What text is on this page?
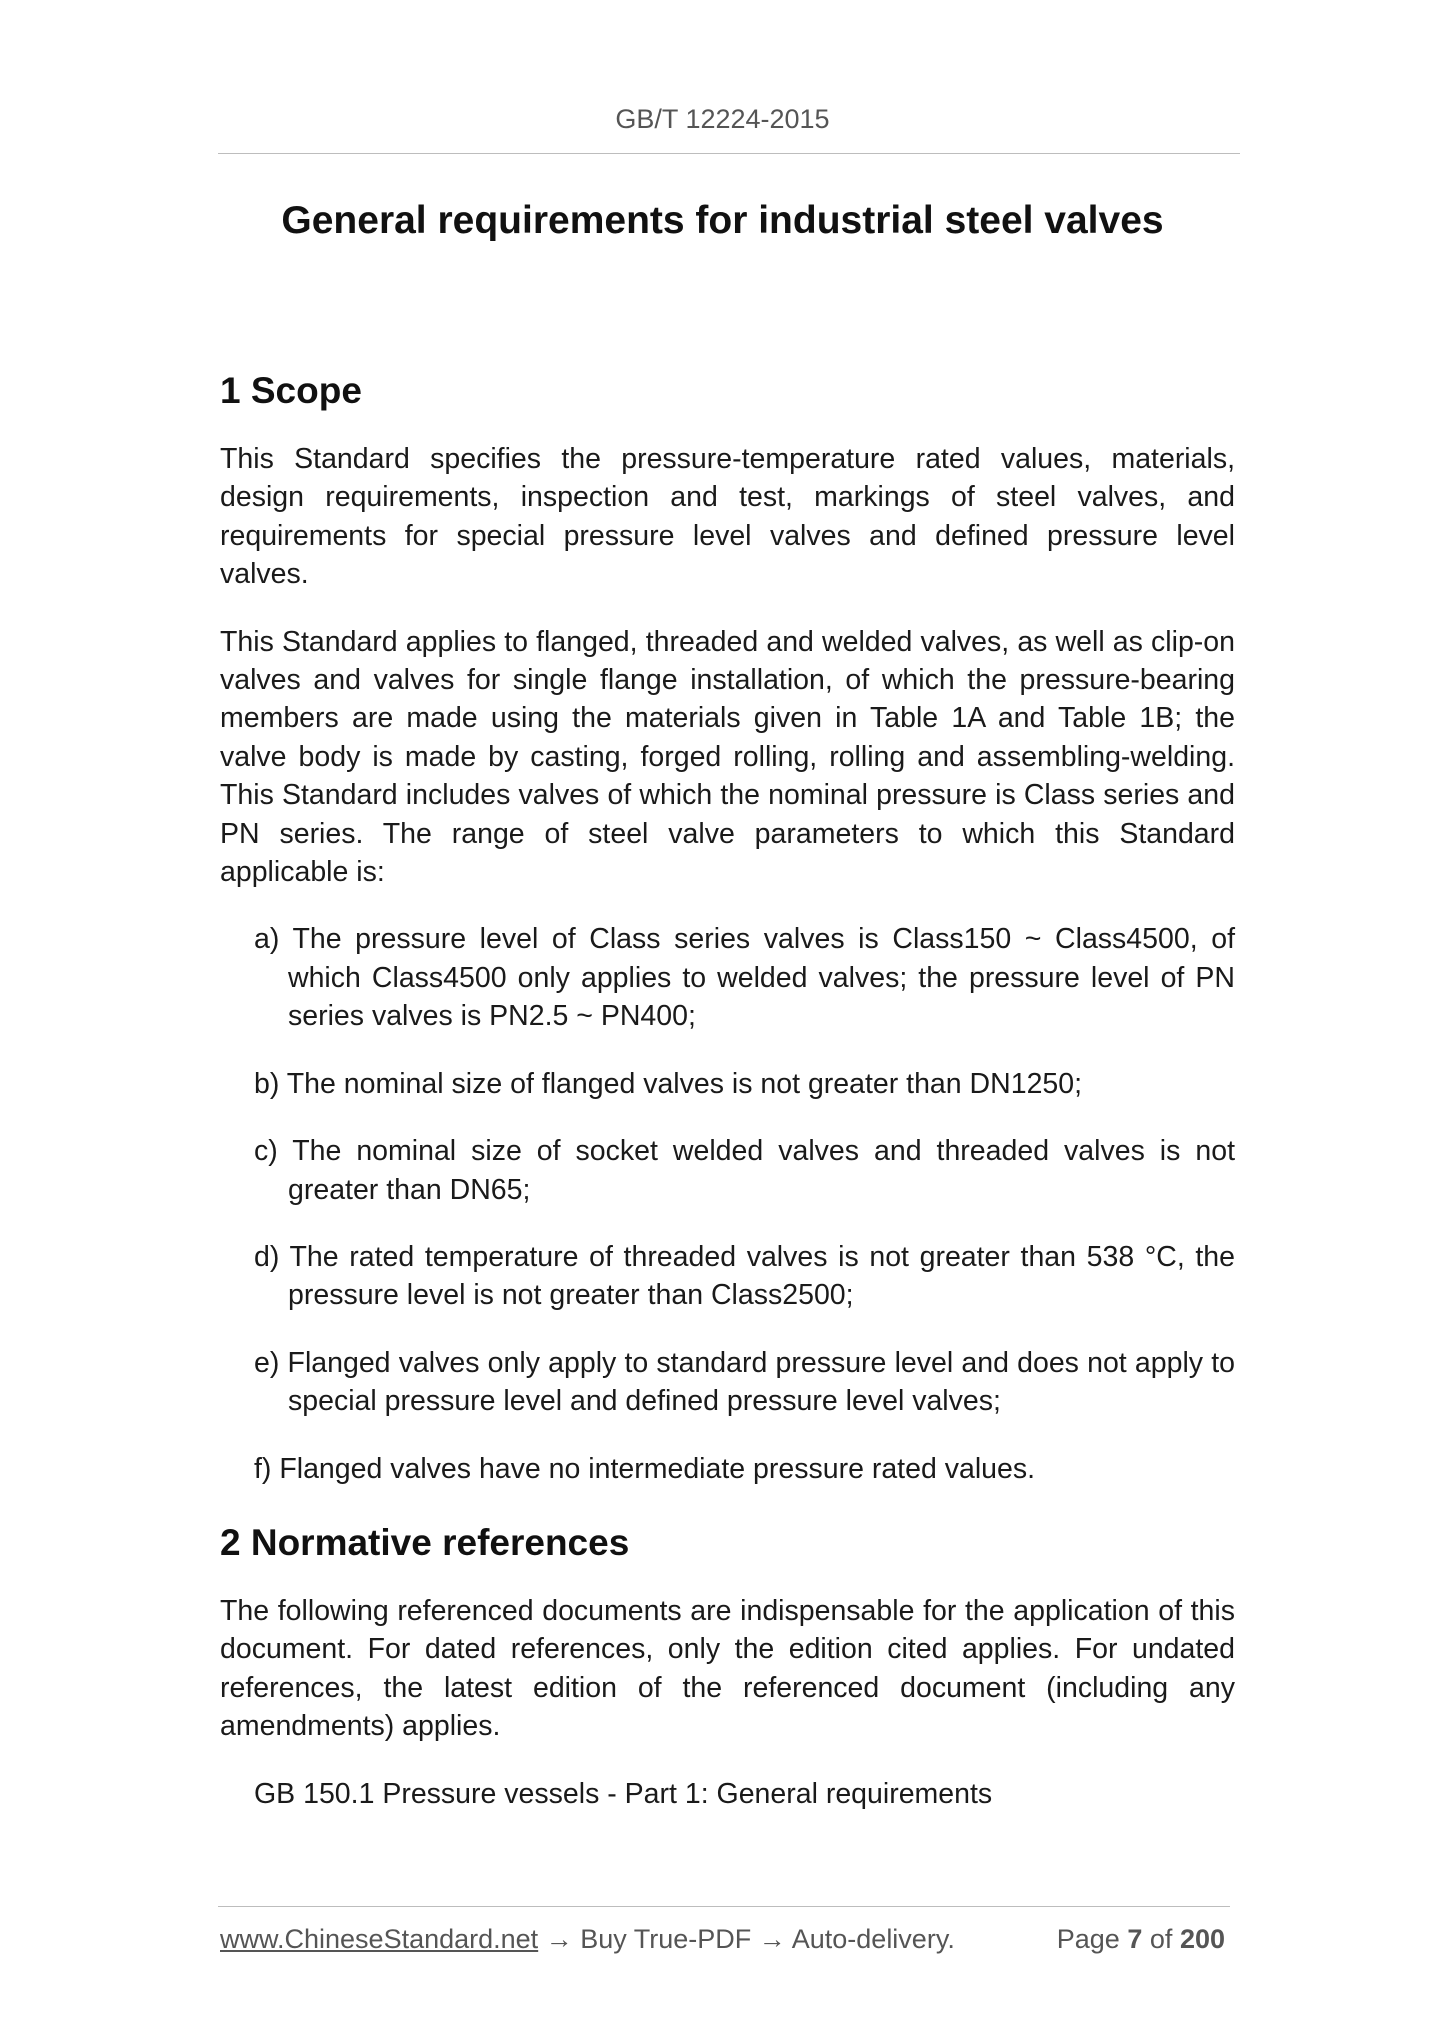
GB/T 12224-2015
General requirements for industrial steel valves
1 Scope

This Standard specifies the pressure-temperature rated values, materials, design requirements, inspection and test, markings of steel valves, and requirements for special pressure level valves and defined pressure level valves.

This Standard applies to flanged, threaded and welded valves, as well as clip-on valves and valves for single flange installation, of which the pressure-bearing members are made using the materials given in Table 1A and Table 1B; the valve body is made by casting, forged rolling, rolling and assembling-welding. This Standard includes valves of which the nominal pressure is Class series and PN series. The range of steel valve parameters to which this Standard applicable is:

a) The pressure level of Class series valves is Class150 ~ Class4500, of which Class4500 only applies to welded valves; the pressure level of PN series valves is PN2.5 ~ PN400;
b) The nominal size of flanged valves is not greater than DN1250;
c) The nominal size of socket welded valves and threaded valves is not greater than DN65;
d) The rated temperature of threaded valves is not greater than 538 °C, the pressure level is not greater than Class2500;
e) Flanged valves only apply to standard pressure level and does not apply to special pressure level and defined pressure level valves;
f) Flanged valves have no intermediate pressure rated values.
2 Normative references

The following referenced documents are indispensable for the application of this document. For dated references, only the edition cited applies. For undated references, the latest edition of the referenced document (including any amendments) applies.

GB 150.1 Pressure vessels - Part 1: General requirements
www.ChineseStandard.net → Buy True-PDF → Auto-delivery.	Page 7 of 200
